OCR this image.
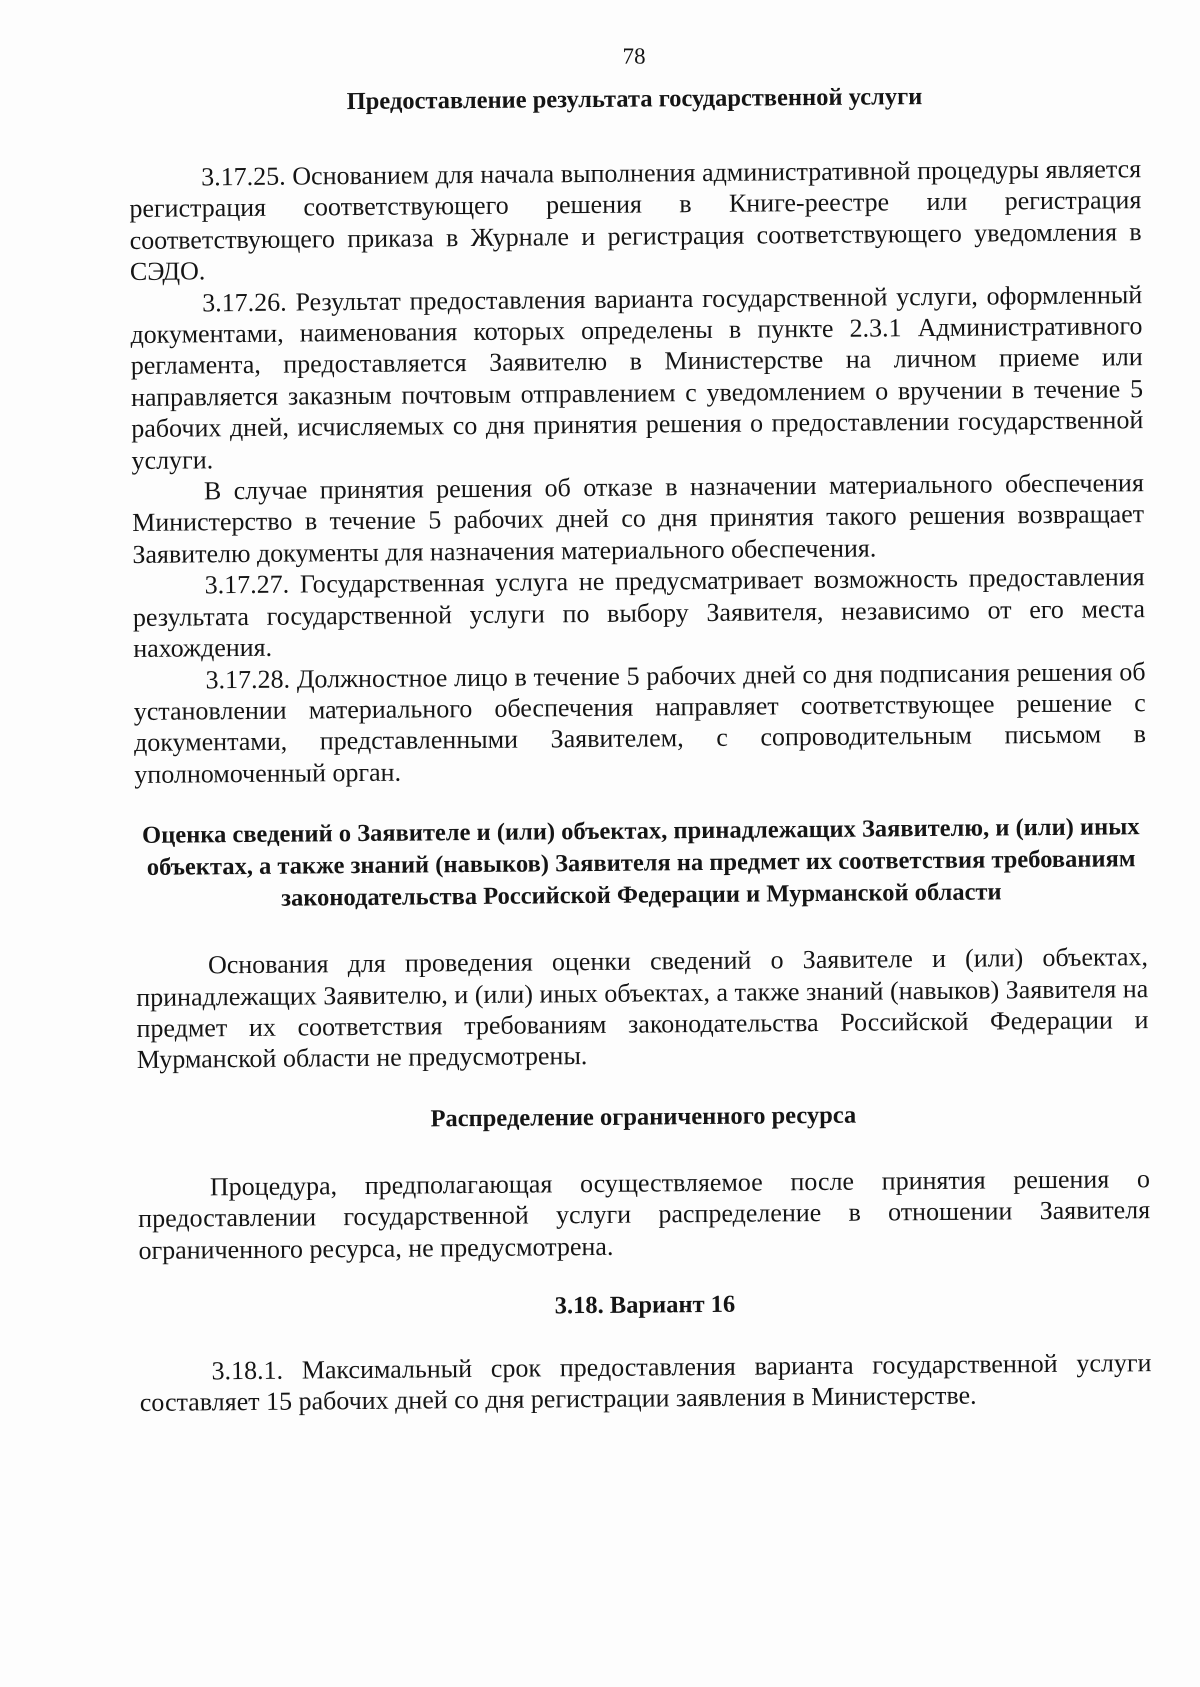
78
Предоставление результата государственной услуги

3.17.25. Основанием для начала выполнения административной процедуры является регистрация соответствующего решения в Книге-реестре или регистрация соответствующего приказа в Журнале и регистрация соответствующего уведомления в СЭДО.

3.17.26. Результат предоставления варианта государственной услуги, оформленный документами, наименования которых определены в пункте 2.3.1 Административного регламента, предоставляется Заявителю в Министерстве на личном приеме или направляется заказным почтовым отправлением с уведомлением о вручении в течение 5 рабочих дней, исчисляемых со дня принятия решения о предоставлении государственной услуги.

В случае принятия решения об отказе в назначении материального обеспечения Министерство в течение 5 рабочих дней со дня принятия такого решения возвращает Заявителю документы для назначения материального обеспечения.

3.17.27. Государственная услуга не предусматривает возможность предоставления результата государственной услуги по выбору Заявителя, независимо от его места нахождения.

3.17.28. Должностное лицо в течение 5 рабочих дней со дня подписания решения об установлении материального обеспечения направляет соответствующее решение с документами, представленными Заявителем, с сопроводительным письмом в уполномоченный орган.

Оценка сведений о Заявителе и (или) объектах, принадлежащих Заявителю, и (или) иных объектах, а также знаний (навыков) Заявителя на предмет их соответствия требованиям законодательства Российской Федерации и Мурманской области

Основания для проведения оценки сведений о Заявителе и (или) объектах, принадлежащих Заявителю, и (или) иных объектах, а также знаний (навыков) Заявителя на предмет их соответствия требованиям законодательства Российской Федерации и Мурманской области не предусмотрены.

Распределение ограниченного ресурса

Процедура, предполагающая осуществляемое после принятия решения о предоставлении государственной услуги распределение в отношении Заявителя ограниченного ресурса, не предусмотрена.

3.18. Вариант 16

3.18.1. Максимальный срок предоставления варианта государственной услуги составляет 15 рабочих дней со дня регистрации заявления в Министерстве.
